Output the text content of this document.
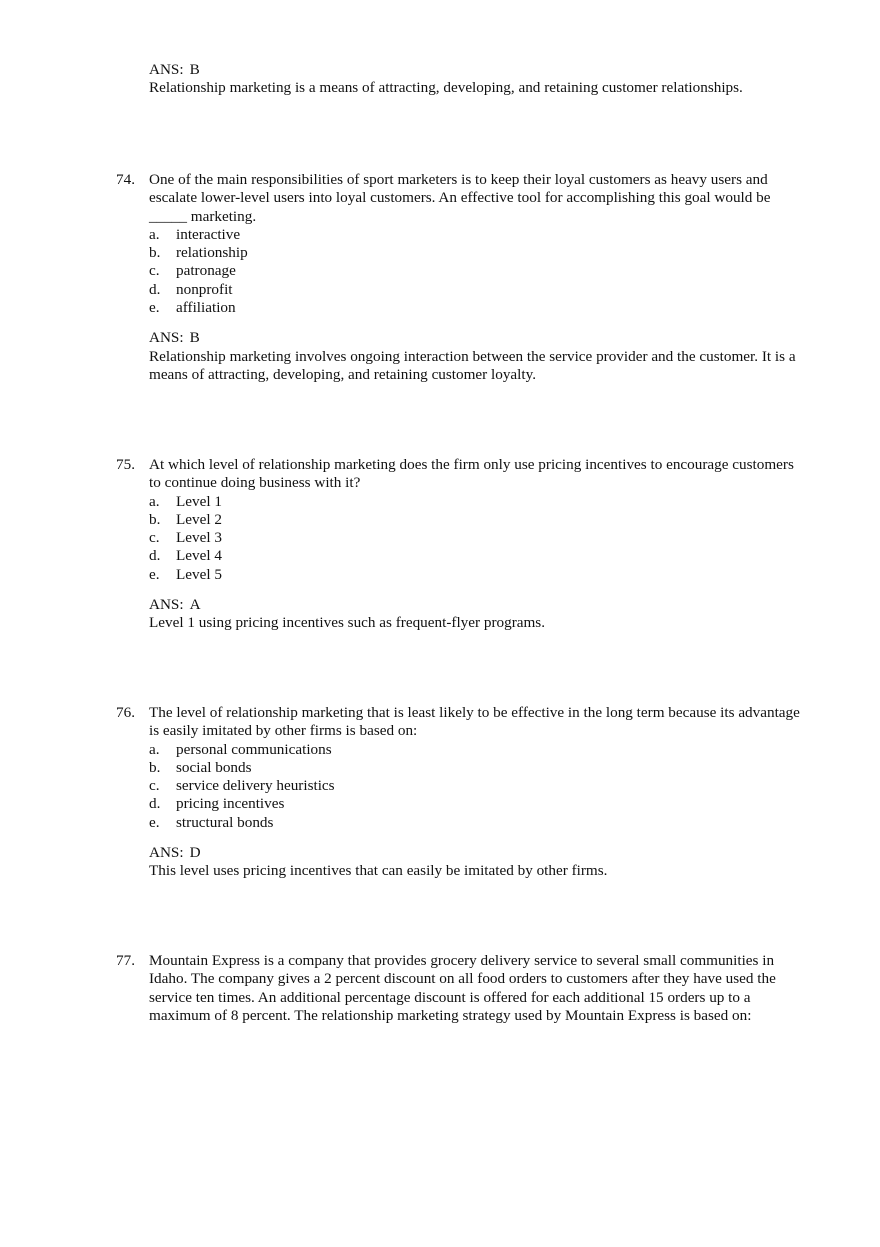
ANS: B

Relationship marketing is a means of attracting, developing, and retaining customer relationships.

74. One of the main responsibilities of sport marketers is to keep their loyal customers as heavy users and escalate lower-level users into loyal customers. An effective tool for accomplishing this goal would be _____ marketing.

a.	interactive
b.	relationship
c.	patronage
d.	nonprofit
e.	affiliation

ANS: B

Relationship marketing involves ongoing interaction between the service provider and the customer. It is a means of attracting, developing, and retaining customer loyalty.

75. At which level of relationship marketing does the firm only use pricing incentives to encourage customers to continue doing business with it?

a.	Level 1
b.	Level 2
c.	Level 3
d.	Level 4
e.	Level 5

ANS: A

Level 1 using pricing incentives such as frequent-flyer programs.

76. The level of relationship marketing that is least likely to be effective in the long term because its advantage is easily imitated by other firms is based on:

a.	personal communications
b.	social bonds
c.	service delivery heuristics
d.	pricing incentives
e.	structural bonds

ANS: D

This level uses pricing incentives that can easily be imitated by other firms.

77. Mountain Express is a company that provides grocery delivery service to several small communities in Idaho. The company gives a 2 percent discount on all food orders to customers after they have used the service ten times. An additional percentage discount is offered for each additional 15 orders up to a maximum of 8 percent. The relationship marketing strategy used by Mountain Express is based on:
